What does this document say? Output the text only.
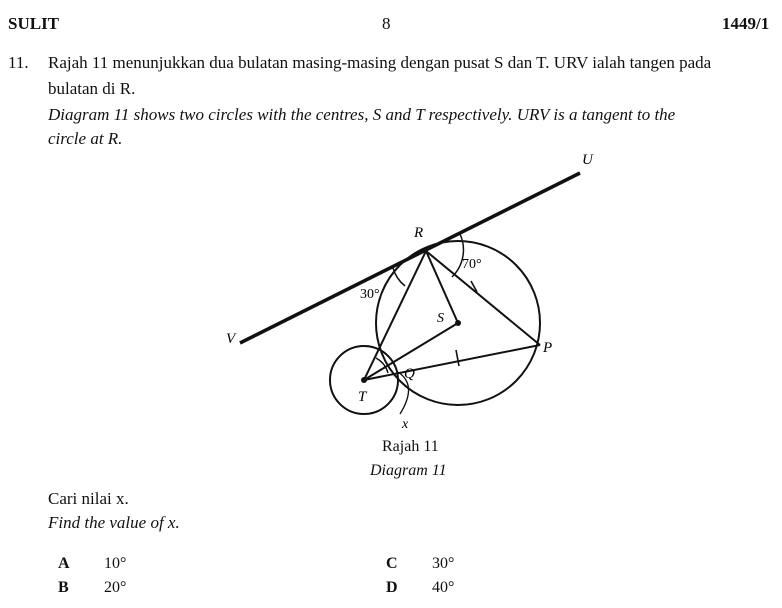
SULIT	8	1449/1
11. Rajah 11 menunjukkan dua bulatan masing-masing dengan pusat S dan T. URV ialah tangen pada
bulatan di R.
Diagram 11 shows two circles with the centres, S and T respectively. URV is a tangent to the
circle at R.
U
R
V
S
P
Q
T
x
70°
30°
Rajah 11
Diagram 11
Cari nilai x.
Find the value of x.
A 10°
B 20°
C 30°
D 40°
